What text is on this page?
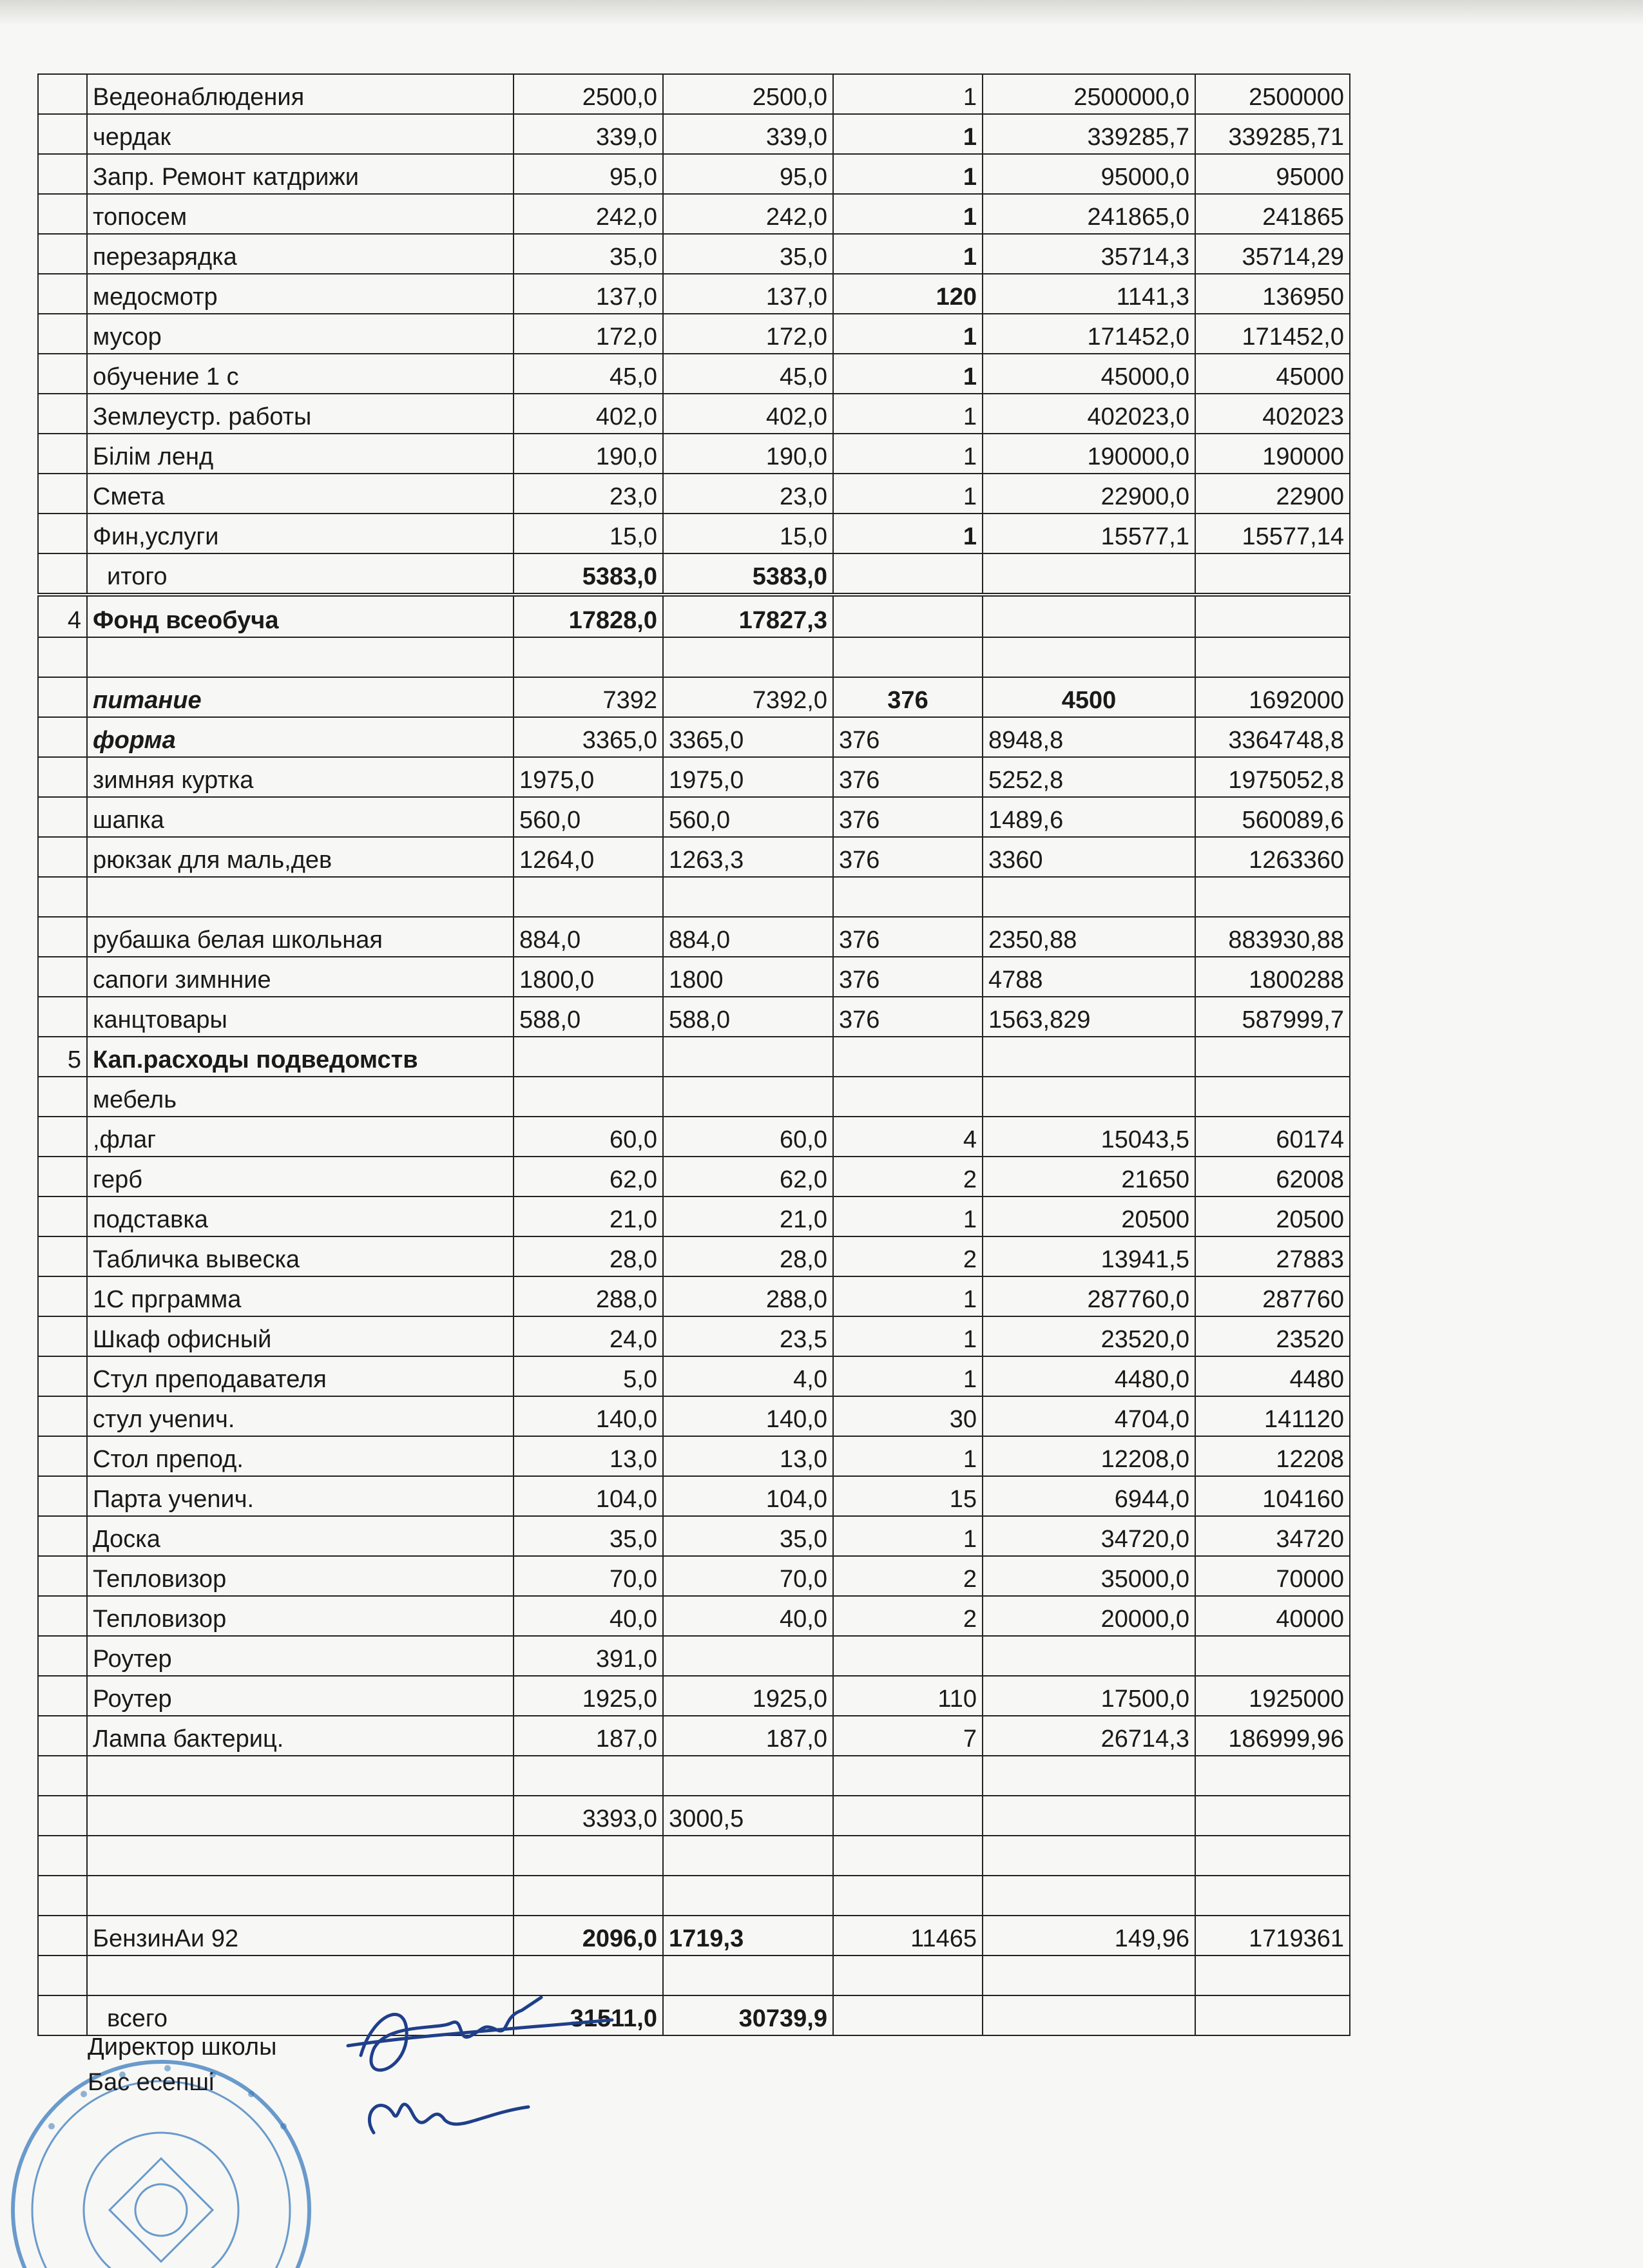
	Ведеонаблюдения	2500,0	2500,0	1	2500000,0	2500000
	чердак	339,0	339,0	1	339285,7	339285,71
	Запр. Ремонт катдрижи	95,0	95,0	1	95000,0	95000
	топосем	242,0	242,0	1	241865,0	241865
	перезарядка	35,0	35,0	1	35714,3	35714,29
	медосмотр	137,0	137,0	120	1141,3	136950
	мусор	172,0	172,0	1	171452,0	171452,0
	обучение 1 с	45,0	45,0	1	45000,0	45000
	Землеустр. работы	402,0	402,0	1	402023,0	402023
	Білім ленд	190,0	190,0	1	190000,0	190000
	Смета	23,0	23,0	1	22900,0	22900
	Фин,услуги	15,0	15,0	1	15577,1	15577,14
	итого	5383,0	5383,0			
4	Фонд всеобуча	17828,0	17827,3			

	питание	7392	7392,0	376	4500	1692000
	форма	3365,0	3365,0	376	8948,8	3364748,8
	зимняя куртка	1975,0	1975,0	376	5252,8	1975052,8
	шапка	560,0	560,0	376	1489,6	560089,6
	рюкзак для маль,дев	1264,0	1263,3	376	3360	1263360

	рубашка белая школьная	884,0	884,0	376	2350,88	883930,88
	сапоги зимнние	1800,0	1800	376	4788	1800288
	канцтовары	588,0	588,0	376	1563,829	587999,7
5	Кап.расходы подведомств					
	мебель					
	,флаг	60,0	60,0	4	15043,5	60174
	герб	62,0	62,0	2	21650	62008
	подставка	21,0	21,0	1	20500	20500
	Табличка вывеска	28,0	28,0	2	13941,5	27883
	1С прграмма	288,0	288,0	1	287760,0	287760
	Шкаф офисный	24,0	23,5	1	23520,0	23520
	Стул преподавателя	5,0	4,0	1	4480,0	4480
	стул учenич.	140,0	140,0	30	4704,0	141120
	Стол препод.	13,0	13,0	1	12208,0	12208
	Парта учenич.	104,0	104,0	15	6944,0	104160
	Доска	35,0	35,0	1	34720,0	34720
	Тепловизор	70,0	70,0	2	35000,0	70000
	Тепловизор	40,0	40,0	2	20000,0	40000
	Роутер	391,0				
	Роутер	1925,0	1925,0	110	17500,0	1925000
	Лампа бактериц.	187,0	187,0	7	26714,3	186999,96

		3393,0	3000,5			

	БензинАи 92	2096,0	1719,3	11465	149,96	1719361

	всего	31511,0	30739,9			
Директор школы
Бас есепші
